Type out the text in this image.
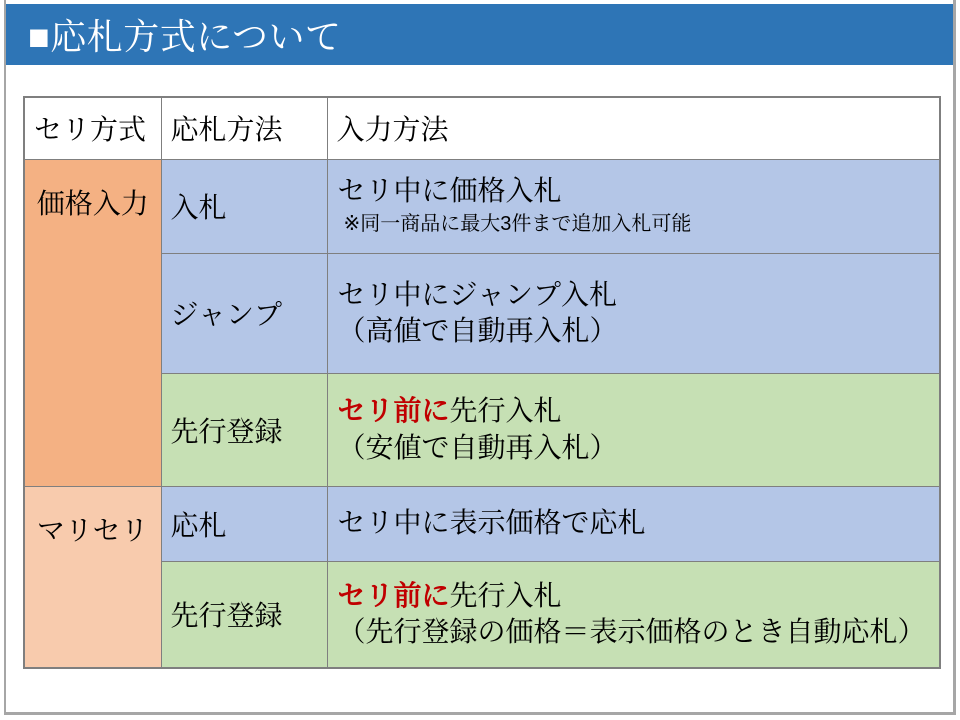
■応札方式について
セリ方式	応札方法	入力方法
価格入力	入札	セリ中に価格入札
※同一商品に最大3件まで追加入札可能

	ジャンプ	セリ中にジャンプ入札
（高値で自動再入札）

	先行登録	セリ前に先行入札
（安値で自動再入札）

マリセリ	応札	セリ中に表示価格で応札

	先行登録	セリ前に先行入札
（先行登録の価格＝表示価格のとき自動応札）
